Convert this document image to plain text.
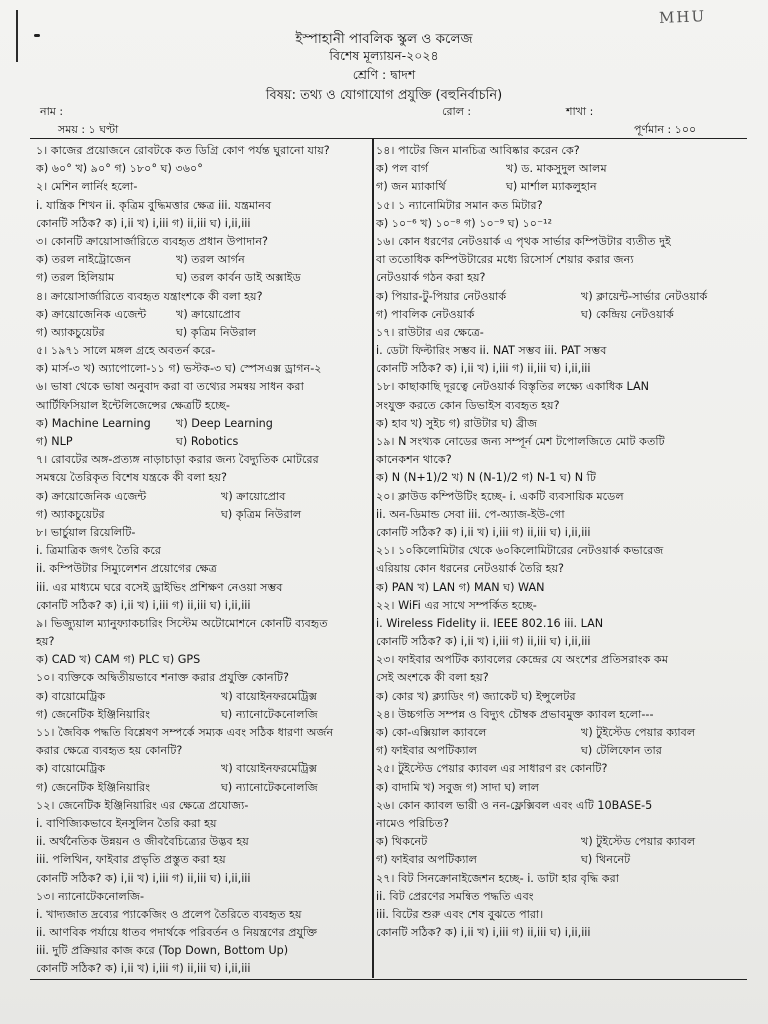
MHU
ইস্পাহানী পাবলিক স্কুল ও কলেজ
বিশেষ মূল্যায়ন-২০২৪
শ্রেণি : দ্বাদশ
বিষয়: তথ্য ও যোগাযোগ প্রযুক্তি (বহুনির্বাচনি)
নাম :	রোল :	শাখা :
সময় : ১ ঘণ্টা	পূর্ণমান : ১০০
১। কাজের প্রয়োজনে রোবটকে কত ডিগ্রি কোণ পর্যন্ত ঘুরানো যায়?
ক) ৬০° খ) ৯০° গ) ১৮০° ঘ) ৩৬০°
২। মেশিন লার্নিং হলো-
i. যান্ত্রিক শিখন ii. কৃত্রিম বুদ্ধিমত্তার ক্ষেত্র iii. যন্ত্রমানব
কোনটি সঠিক? ক) i,ii খ) i,iii গ) ii,iii ঘ) i,ii,iii
৩। কোনটি ক্রায়োসার্জারিতে ব্যবহৃত প্রধান উপাদান?
ক) তরল নাইট্রোজেন	খ) তরল আর্গন
গ) তরল হিলিয়াম	ঘ) তরল কার্বন ডাই অক্সাইড
৪। ক্রায়োসার্জারিতে ব্যবহৃত যন্ত্রাংশকে কী বলা হয়?
ক) ক্রায়োজেনিক এজেন্ট	খ) ক্রায়োপ্রোব
গ) অ্যাকচুয়েটর	ঘ) কৃত্রিম নিউরাল
৫। ১৯৭১ সালে মঙ্গল গ্রহে অবতর্ন করে-
ক) মার্স-৩ খ) অ্যাপোলো-১১ গ) ভস্টক-৩ ঘ) স্পেসএক্স ড্রাগন-২
৬। ভাষা থেকে ভাষা অনুবাদ করা বা তথ্যের সমন্বয় সাধন করা
আর্টিফিসিয়াল ইন্টেলিজেন্সের ক্ষেত্রটি হচ্ছে-
ক) Machine Learning খ) Deep Learning
গ) NLP	ঘ) Robotics
৭। রোবটের অঙ্গ-প্রত্যঙ্গ নাড়াচাড়া করার জন্য বৈদ্যুতিক মোটরের
সমন্বয়ে তৈরিকৃত বিশেষ যন্ত্রকে কী বলা হয়?
ক) ক্রায়োজেনিক এজেন্ট	খ) ক্রায়োপ্রোব
গ) অ্যাকচুয়েটর	ঘ) কৃত্রিম নিউরাল
৮। ভার্চুয়াল রিয়েলিটি-
i. ত্রিমাত্রিক জগৎ তৈরি করে
ii. কম্পিউটার সিম্যুলেশন প্রয়োগের ক্ষেত্র
iii. এর মাধ্যমে ঘরে বসেই ড্রাইভিং প্রশিক্ষণ নেওয়া সম্ভব
কোনটি সঠিক? ক) i,ii খ) i,iii গ) ii,iii ঘ) i,ii,iii
৯। ভিজ্যুয়াল ম্যানুফ্যাকচারিং সিস্টেম অটোমোশনে কোনটি ব্যবহৃত
হয়?
ক) CAD খ) CAM গ) PLC ঘ) GPS
১০। ব্যক্তিকে অদ্বিতীয়ভাবে শনাক্ত করার প্রযুক্তি কোনটি?
ক) বায়োমেট্রিক	খ) বায়োইনফরমেট্রিক্স
গ) জেনেটিক ইঞ্জিনিয়ারিং	ঘ) ন্যানোটেকনোলজি
১১। জৈবিক পদ্ধতি বিশ্লেষণ সম্পর্কে সম্যক এবং সঠিক ধারণা অর্জন
করার ক্ষেত্রে ব্যবহৃত হয় কোনটি?
ক) বায়োমেট্রিক	খ) বায়োইনফরমেট্রিক্স
গ) জেনেটিক ইঞ্জিনিয়ারিং	ঘ) ন্যানোটেকনোলজি
১২। জেনেটিক ইঞ্জিনিয়ারিং এর ক্ষেত্রে প্রযোজ্য-
i. বাণিজ্যিকভাবে ইনসুলিন তৈরি করা হয়
ii. অর্থনৈতিক উন্নয়ন ও জীববৈচিত্র্যের উদ্ভব হয়
iii. পলিথিন, ফাইবার প্রভৃতি প্রস্তুত করা হয়
কোনটি সঠিক? ক) i,ii খ) i,iii গ) ii,iii ঘ) i,ii,iii
১৩। ন্যানোটেকনোলজি-
i. খাদ্যজাত দ্রব্যের প্যাকেজিং ও প্রলেপ তৈরিতে ব্যবহৃত হয়
ii. আণবিক পর্যায়ে ধাতব পদার্থকে পরিবর্তন ও নিয়ন্ত্রণের প্রযুক্তি
iii. দুটি প্রক্রিয়ার কাজ করে (Top Down, Bottom Up)
কোনটি সঠিক? ক) i,ii খ) i,iii গ) ii,iii ঘ) i,ii,iii
১৪। পাটের জিন মানচিত্র আবিষ্কার করেন কে?
ক) পল বার্গ	খ) ড. মাকসুদুল আলম
গ) জন ম্যাকার্থি	ঘ) মার্শাল ম্যাকলুহান
১৫। ১ ন্যানোমিটার সমান কত মিটার?
ক) ১০⁻⁶ খ) ১০⁻⁸ গ) ১০⁻⁹ ঘ) ১০⁻¹²
১৬। কোন ধরণের নেটওয়ার্ক এ পৃথক সার্ভার কম্পিউটার ব্যতীত দুই
বা ততোধিক কম্পিউটারের মধ্যে রিসোর্স শেয়ার করার জন্য
নেটওয়ার্ক গঠন করা হয়?
ক) পিয়ার-টু-পিয়ার নেটওয়ার্ক	খ) ক্লায়েন্ট-সার্ভার নেটওয়ার্ক
গ) পাবলিক নেটওয়ার্ক	ঘ) কেন্দ্রিয় নেটওয়ার্ক
১৭। রাউটার এর ক্ষেত্রে-
i. ডেটা ফিল্টারিং সম্ভব ii. NAT সম্ভব iii. PAT সম্ভব
কোনটি সঠিক? ক) i,ii খ) i,iii গ) ii,iii ঘ) i,ii,iii
১৮। কাছাকাছি দূরত্বে নেটওয়ার্ক বিস্তৃতির লক্ষ্যে একাধিক LAN
সংযুক্ত করতে কোন ডিভাইস ব্যবহৃত হয়?
ক) হাব খ) সুইচ গ) রাউটার ঘ) ব্রীজ
১৯। N সংখ্যক নোডের জন্য সম্পূর্ন মেশ টপোলজিতে মোট কতটি
কানেকশন থাকে?
ক) N (N+1)/2 খ) N (N-1)/2 গ) N-1 ঘ) N টি
২০। ক্লাউড কম্পিউটিং হচ্ছে- i. একটি ব্যবসায়িক মডেল
ii. অন-ডিমান্ড সেবা iii. পে-অ্যাজ-ইউ-গো
কোনটি সঠিক? ক) i,ii খ) i,iii গ) ii,iii ঘ) i,ii,iii
২১। ১০কিলোমিটার থেকে ৬০কিলোমিটারের নেটওয়ার্ক কভারেজ
এরিয়ায় কোন ধরনের নেটওয়ার্ক তৈরি হয়?
ক) PAN খ) LAN গ) MAN ঘ) WAN
২২। WiFi এর সাথে সম্পর্কিত হচ্ছে-
i. Wireless Fidelity ii. IEEE 802.16 iii. LAN
কোনটি সঠিক? ক) i,ii খ) i,iii গ) ii,iii ঘ) i,ii,iii
২৩। ফাইবার অপটিক ক্যাবলের কেন্দ্রের যে অংশের প্রতিসরাংক কম
সেই অংশকে কী বলা হয়?
ক) কোর খ) ক্ল্যাডিং গ) জ্যাকেট ঘ) ইন্সুলেটর
২৪। উচ্চগতি সম্পন্ন ও বিদ্যুৎ চৌম্বক প্রভাবমুক্ত ক্যাবল হলো---
ক) কো-এক্সিয়াল ক্যাবলে	খ) টুইস্টেড পেয়ার ক্যাবল
গ) ফাইবার অপটিক্যাল	ঘ) টেলিফোন তার
২৫। টুইস্টেড পেয়ার ক্যাবল এর সাধারণ রং কোনটি?
ক) বাদামি খ) সবুজ গ) সাদা ঘ) লাল
২৬। কোন ক্যাবল ভারী ও নন-ফ্লেক্সিবল এবং এটি 10BASE-5
নামেও পরিচিত?
ক) থিকনেট	খ) টুইস্টেড পেয়ার ক্যাবল
গ) ফাইবার অপটিক্যাল	ঘ) থিননেট
২৭। বিট সিনক্রোনাইজেশন হচ্ছে- i. ডাটা হার বৃদ্ধি করা
ii. বিট প্রেরণের সমন্বিত পদ্ধতি এবং
iii. বিটের শুরু এবং শেষ বুঝতে পারা।
কোনটি সঠিক? ক) i,ii খ) i,iii গ) ii,iii ঘ) i,ii,iii
